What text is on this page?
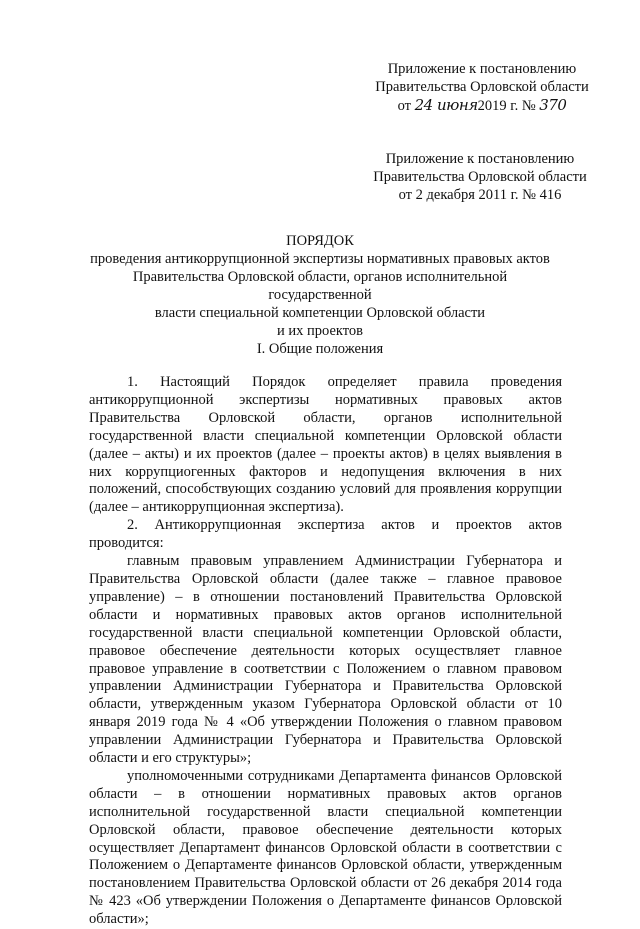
Приложение к постановлению
Правительства Орловской области
от 24 июня2019 г. № 370
Приложение к постановлению
Правительства Орловской области
от 2 декабря 2011 г. № 416
ПОРЯДОК
проведения антикоррупционной экспертизы нормативных правовых актов
Правительства Орловской области, органов исполнительной государственной
власти специальной компетенции Орловской области
и их проектов
I. Общие положения

1. Настоящий Порядок определяет правила проведения антикоррупционной экспертизы нормативных правовых актов Правительства Орловской области, органов исполнительной государственной власти специальной компетенции Орловской области (далее – акты) и их проектов (далее – проекты актов) в целях выявления в них коррупциогенных факторов и недопущения включения в них положений, способствующих созданию условий для проявления коррупции (далее – антикоррупционная экспертиза).

2. Антикоррупционная экспертиза актов и проектов актов проводится:

главным правовым управлением Администрации Губернатора и Правительства Орловской области (далее также – главное правовое управление) – в отношении постановлений Правительства Орловской области и нормативных правовых актов органов исполнительной государственной власти специальной компетенции Орловской области, правовое обеспечение деятельности которых осуществляет главное правовое управление в соответствии с Положением о главном правовом управлении Администрации Губернатора и Правительства Орловской области, утвержденным указом Губернатора Орловской области от 10 января 2019 года № 4 «Об утверждении Положения о главном правовом управлении Администрации Губернатора и Правительства Орловской области и его структуры»;

уполномоченными сотрудниками Департамента финансов Орловской области – в отношении нормативных правовых актов органов исполнительной государственной власти специальной компетенции Орловской области, правовое обеспечение деятельности которых осуществляет Департамент финансов Орловской области в соответствии с Положением о Департаменте финансов Орловской области, утвержденным постановлением Правительства Орловской области от 26 декабря 2014 года № 423 «Об утверждении Положения о Департаменте финансов Орловской области»;
